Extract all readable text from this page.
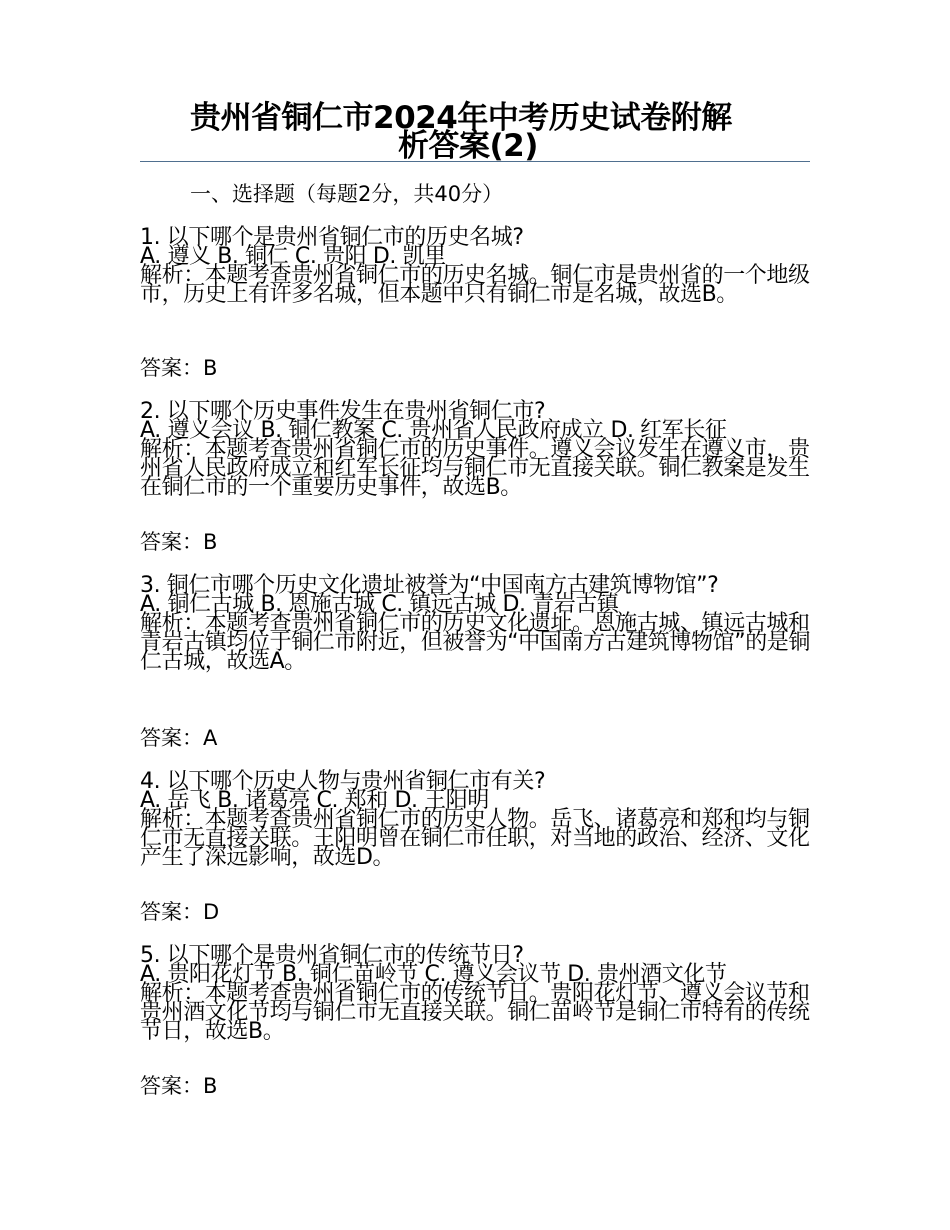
贵州省铜仁市2024年中考历史试卷附解
析答案(2)
一、选择题（每题2分，共40分）

1. 以下哪个是贵州省铜仁市的历史名城?

A. 遵义 B. 铜仁 C. 贵阳 D. 凯里

解析：本题考查贵州省铜仁市的历史名城。铜仁市是贵州省的一个地级市，历史上有许多名城，但本题中只有铜仁市是名城，故选B。

答案：B

2. 以下哪个历史事件发生在贵州省铜仁市?

A. 遵义会议 B. 铜仁教案 C. 贵州省人民政府成立 D. 红军长征

解析：本题考查贵州省铜仁市的历史事件。遵义会议发生在遵义市，贵州省人民政府成立和红军长征均与铜仁市无直接关联。铜仁教案是发生在铜仁市的一个重要历史事件，故选B。

答案：B

3. 铜仁市哪个历史文化遗址被誉为“中国南方古建筑博物馆”?

A. 铜仁古城 B. 恩施古城 C. 镇远古城 D. 青岩古镇

解析：本题考查贵州省铜仁市的历史文化遗址。恩施古城、镇远古城和青岩古镇均位于铜仁市附近，但被誉为“中国南方古建筑博物馆”的是铜仁古城，故选A。

答案：A

4. 以下哪个历史人物与贵州省铜仁市有关?

A. 岳飞 B. 诸葛亮 C. 郑和 D. 王阳明

解析：本题考查贵州省铜仁市的历史人物。岳飞、诸葛亮和郑和均与铜仁市无直接关联。王阳明曾在铜仁市任职，对当地的政治、经济、文化产生了深远影响，故选D。

答案：D

5. 以下哪个是贵州省铜仁市的传统节日?

A. 贵阳花灯节 B. 铜仁苗岭节 C. 遵义会议节 D. 贵州酒文化节

解析：本题考查贵州省铜仁市的传统节日。贵阳花灯节、遵义会议节和贵州酒文化节均与铜仁市无直接关联。铜仁苗岭节是铜仁市特有的传统节日，故选B。

答案：B
